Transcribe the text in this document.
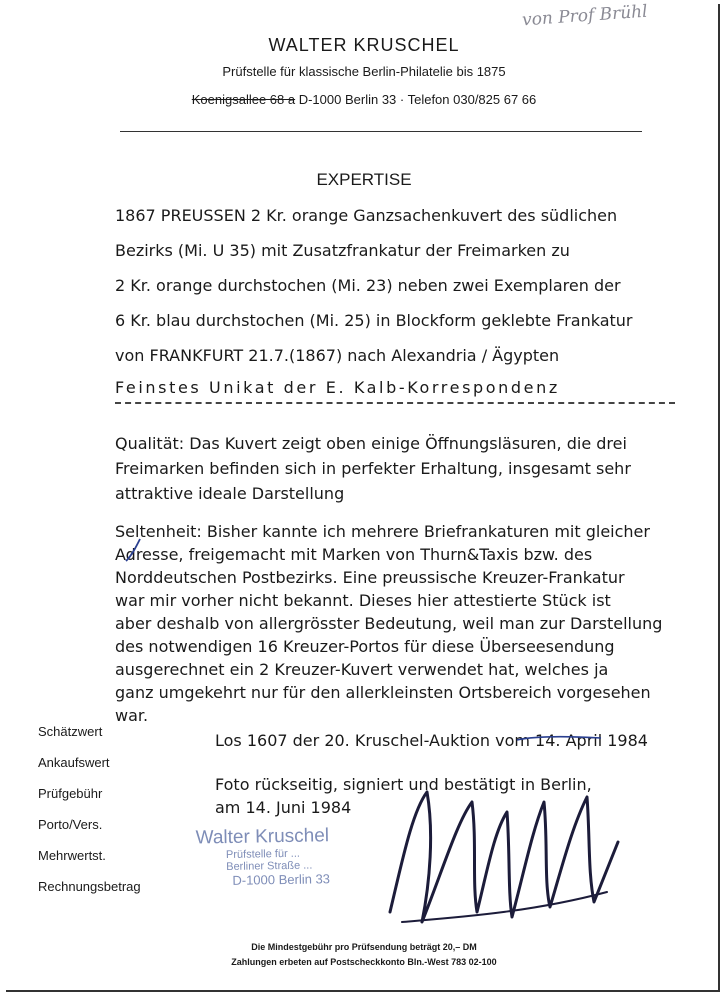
von Prof Brühl
WALTER KRUSCHEL
Prüfstelle für klassische Berlin-Philatelie bis 1875
Koenigsallee 68 a D-1000 Berlin 33 · Telefon 030/825 67 66
EXPERTISE
1867 PREUSSEN 2 Kr. orange Ganzsachenkuvert des südlichen
Bezirks (Mi. U 35) mit Zusatzfrankatur der Freimarken zu
2 Kr. orange durchstochen (Mi. 23) neben zwei Exemplaren der
6 Kr. blau durchstochen (Mi. 25) in Blockform geklebte Frankatur
von FRANKFURT 21.7.(1867) nach Alexandria / Ägypten
Feinstes Unikat der E. Kalb-Korrespondenz
Qualität: Das Kuvert zeigt oben einige Öffnungsläsuren, die drei
Freimarken befinden sich in perfekter Erhaltung, insgesamt sehr
attraktive ideale Darstellung
Seltenheit: Bisher kannte ich mehrere Briefrankaturen mit gleicher
Adresse, freigemacht mit Marken von Thurn&Taxis bzw. des
Norddeutschen Postbezirks. Eine preussische Kreuzer-Frankatur
war mir vorher nicht bekannt. Dieses hier attestierte Stück ist
aber deshalb von allergrösster Bedeutung, weil man zur Darstellung
des notwendigen 16 Kreuzer-Portos für diese Überseesendung
ausgerechnet ein 2 Kreuzer-Kuvert verwendet hat, welches ja
ganz umgekehrt nur für den allerkleinsten Ortsbereich vorgesehen
war.
Schätzwert
Ankaufswert
Prüfgebühr
Porto/Vers.
Mehrwertst.
Rechnungsbetrag
Los 1607 der 20. Kruschel-Auktion vom 14. April 1984
Foto rückseitig, signiert und bestätigt in Berlin,
am 14. Juni 1984
Walter Kruschel
Prüfstelle für ...
Berliner Straße ...
D-1000 Berlin 33
Die Mindestgebühr pro Prüfsendung beträgt 20,– DM
Zahlungen erbeten auf Postscheckkonto Bln.-West 783 02-100
